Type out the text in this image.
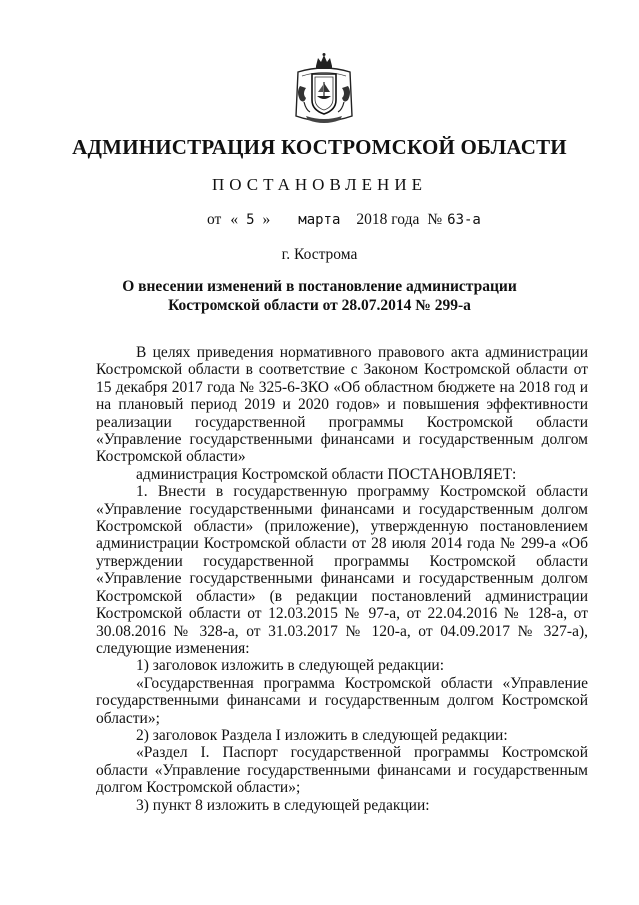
АДМИНИСТРАЦИЯ КОСТРОМСКОЙ ОБЛАСТИ
ПОСТАНОВЛЕНИЕ
от « 5 » марта 2018 года № 63-а
г. Кострома
О внесении изменений в постановление администрации
Костромской области от 28.07.2014 № 299-а

В целях приведения нормативного правового акта администрации Костромской области в соответствие с Законом Костромской области от 15 декабря 2017 года № 325-6-ЗКО «Об областном бюджете на 2018 год и на плановый период 2019 и 2020 годов» и повышения эффективности реализации государственной программы Костромской области «Управление государственными финансами и государственным долгом Костромской области»

администрация Костромской области ПОСТАНОВЛЯЕТ:

1. Внести в государственную программу Костромской области «Управление государственными финансами и государственным долгом Костромской области» (приложение), утвержденную постановлением администрации Костромской области от 28 июля 2014 года № 299-а «Об утверждении государственной программы Костромской области «Управление государственными финансами и государственным долгом Костромской области» (в редакции постановлений администрации Костромской области от 12.03.2015 № 97-а, от 22.04.2016 № 128-а, от 30.08.2016 № 328-а, от 31.03.2017 № 120-а, от 04.09.2017 № 327-а), следующие изменения:

1) заголовок изложить в следующей редакции:

«Государственная программа Костромской области «Управление государственными финансами и государственным долгом Костромской области»;

2) заголовок Раздела I изложить в следующей редакции:

«Раздел I. Паспорт государственной программы Костромской области «Управление государственными финансами и государственным долгом Костромской области»;

3) пункт 8 изложить в следующей редакции:
